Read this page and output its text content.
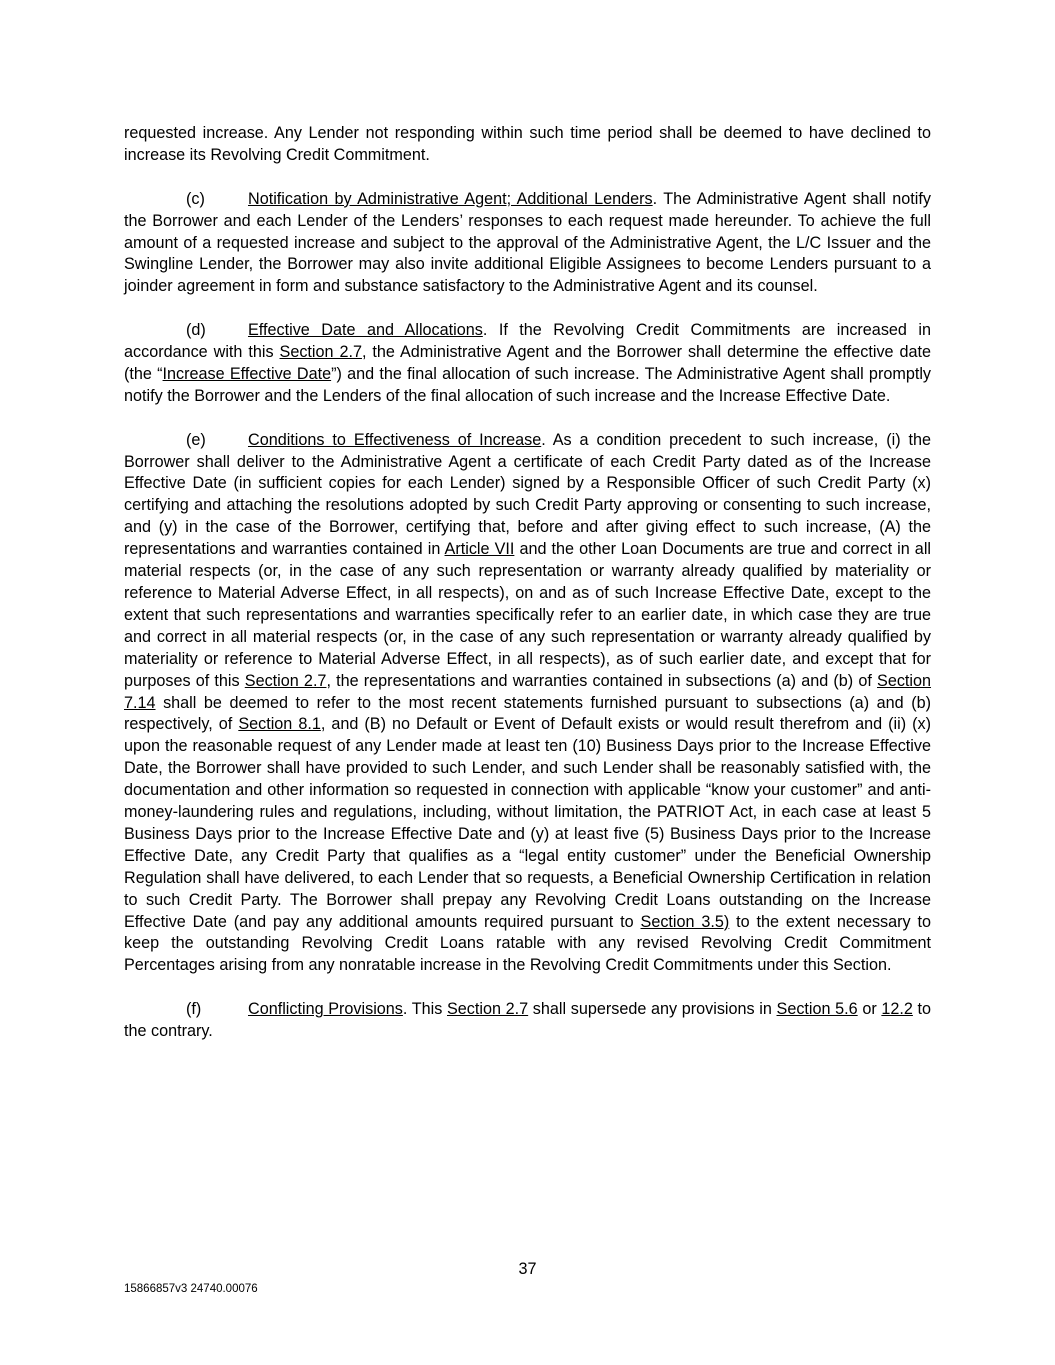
requested increase. Any Lender not responding within such time period shall be deemed to have declined to increase its Revolving Credit Commitment.

(c)	Notification by Administrative Agent; Additional Lenders. The Administrative Agent shall notify the Borrower and each Lender of the Lenders’ responses to each request made hereunder. To achieve the full amount of a requested increase and subject to the approval of the Administrative Agent, the L/C Issuer and the Swingline Lender, the Borrower may also invite additional Eligible Assignees to become Lenders pursuant to a joinder agreement in form and substance satisfactory to the Administrative Agent and its counsel.

(d)	Effective Date and Allocations. If the Revolving Credit Commitments are increased in accordance with this Section 2.7, the Administrative Agent and the Borrower shall determine the effective date (the “Increase Effective Date”) and the final allocation of such increase. The Administrative Agent shall promptly notify the Borrower and the Lenders of the final allocation of such increase and the Increase Effective Date.

(e)	Conditions to Effectiveness of Increase. As a condition precedent to such increase, (i) the Borrower shall deliver to the Administrative Agent a certificate of each Credit Party dated as of the Increase Effective Date (in sufficient copies for each Lender) signed by a Responsible Officer of such Credit Party (x) certifying and attaching the resolutions adopted by such Credit Party approving or consenting to such increase, and (y) in the case of the Borrower, certifying that, before and after giving effect to such increase, (A) the representations and warranties contained in Article VII and the other Loan Documents are true and correct in all material respects (or, in the case of any such representation or warranty already qualified by materiality or reference to Material Adverse Effect, in all respects), on and as of such Increase Effective Date, except to the extent that such representations and warranties specifically refer to an earlier date, in which case they are true and correct in all material respects (or, in the case of any such representation or warranty already qualified by materiality or reference to Material Adverse Effect, in all respects), as of such earlier date, and except that for purposes of this Section 2.7, the representations and warranties contained in subsections (a) and (b) of Section 7.14 shall be deemed to refer to the most recent statements furnished pursuant to subsections (a) and (b) respectively, of Section 8.1, and (B) no Default or Event of Default exists or would result therefrom and (ii) (x) upon the reasonable request of any Lender made at least ten (10) Business Days prior to the Increase Effective Date, the Borrower shall have provided to such Lender, and such Lender shall be reasonably satisfied with, the documentation and other information so requested in connection with applicable “know your customer” and anti-money-laundering rules and regulations, including, without limitation, the PATRIOT Act, in each case at least 5 Business Days prior to the Increase Effective Date and (y) at least five (5) Business Days prior to the Increase Effective Date, any Credit Party that qualifies as a “legal entity customer” under the Beneficial Ownership Regulation shall have delivered, to each Lender that so requests, a Beneficial Ownership Certification in relation to such Credit Party. The Borrower shall prepay any Revolving Credit Loans outstanding on the Increase Effective Date (and pay any additional amounts required pursuant to Section 3.5) to the extent necessary to keep the outstanding Revolving Credit Loans ratable with any revised Revolving Credit Commitment Percentages arising from any nonratable increase in the Revolving Credit Commitments under this Section.

(f)	Conflicting Provisions. This Section 2.7 shall supersede any provisions in Section 5.6 or 12.2 to the contrary.

37
15866857v3 24740.00076
